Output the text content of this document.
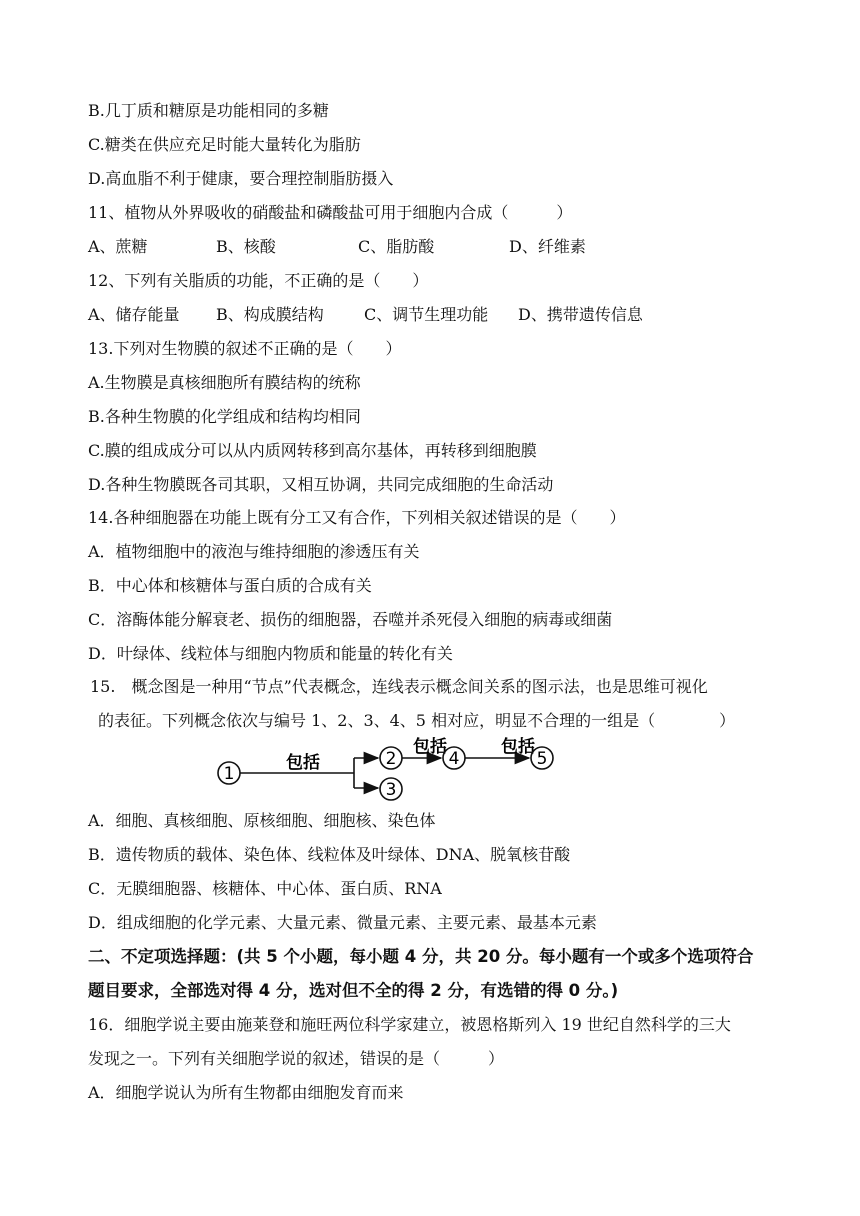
B.几丁质和糖原是功能相同的多糖
C.糖类在供应充足时能大量转化为脂肪
D.高血脂不利于健康，要合理控制脂肪摄入
11、植物从外界吸收的硝酸盐和磷酸盐可用于细胞内合成（　　　）
A、蔗糖	B、核酸	C、脂肪酸	D、纤维素
12、下列有关脂质的功能，不正确的是（　　）
A、储存能量 B、构成膜结构	C、调节生理功能 D、携带遗传信息
13.下列对生物膜的叙述不正确的是（　　）
A.生物膜是真核细胞所有膜结构的统称
B.各种生物膜的化学组成和结构均相同
C.膜的组成成分可以从内质网转移到高尔基体，再转移到细胞膜
D.各种生物膜既各司其职，又相互协调，共同完成细胞的生命活动
14.各种细胞器在功能上既有分工又有合作，下列相关叙述错误的是（　　）
A．植物细胞中的液泡与维持细胞的渗透压有关
B．中心体和核糖体与蛋白质的合成有关
C．溶酶体能分解衰老、损伤的细胞器，吞噬并杀死侵入细胞的病毒或细菌
D．叶绿体、线粒体与细胞内物质和能量的转化有关
15.　概念图是一种用“节点”代表概念，连线表示概念间关系的图示法，也是思维可视化
的表征。下列概念依次与编号 1、2、3、4、5 相对应，明显不合理的一组是（　　　　）
1
包括	2
3
包括
4
包括
5
A．细胞、真核细胞、原核细胞、细胞核、染色体
B．遗传物质的载体、染色体、线粒体及叶绿体、DNA、脱氧核苷酸
C．无膜细胞器、核糖体、中心体、蛋白质、RNA
D．组成细胞的化学元素、大量元素、微量元素、主要元素、最基本元素
二、不定项选择题：(共 5 个小题，每小题 4 分，共 20 分。每小题有一个或多个选项符合
题目要求，全部选对得 4 分，选对但不全的得 2 分，有选错的得 0 分。)
16．细胞学说主要由施莱登和施旺两位科学家建立，被恩格斯列入 19 世纪自然科学的三大
发现之一。下列有关细胞学说的叙述，错误的是（　　　）
A．细胞学说认为所有生物都由细胞发育而来
